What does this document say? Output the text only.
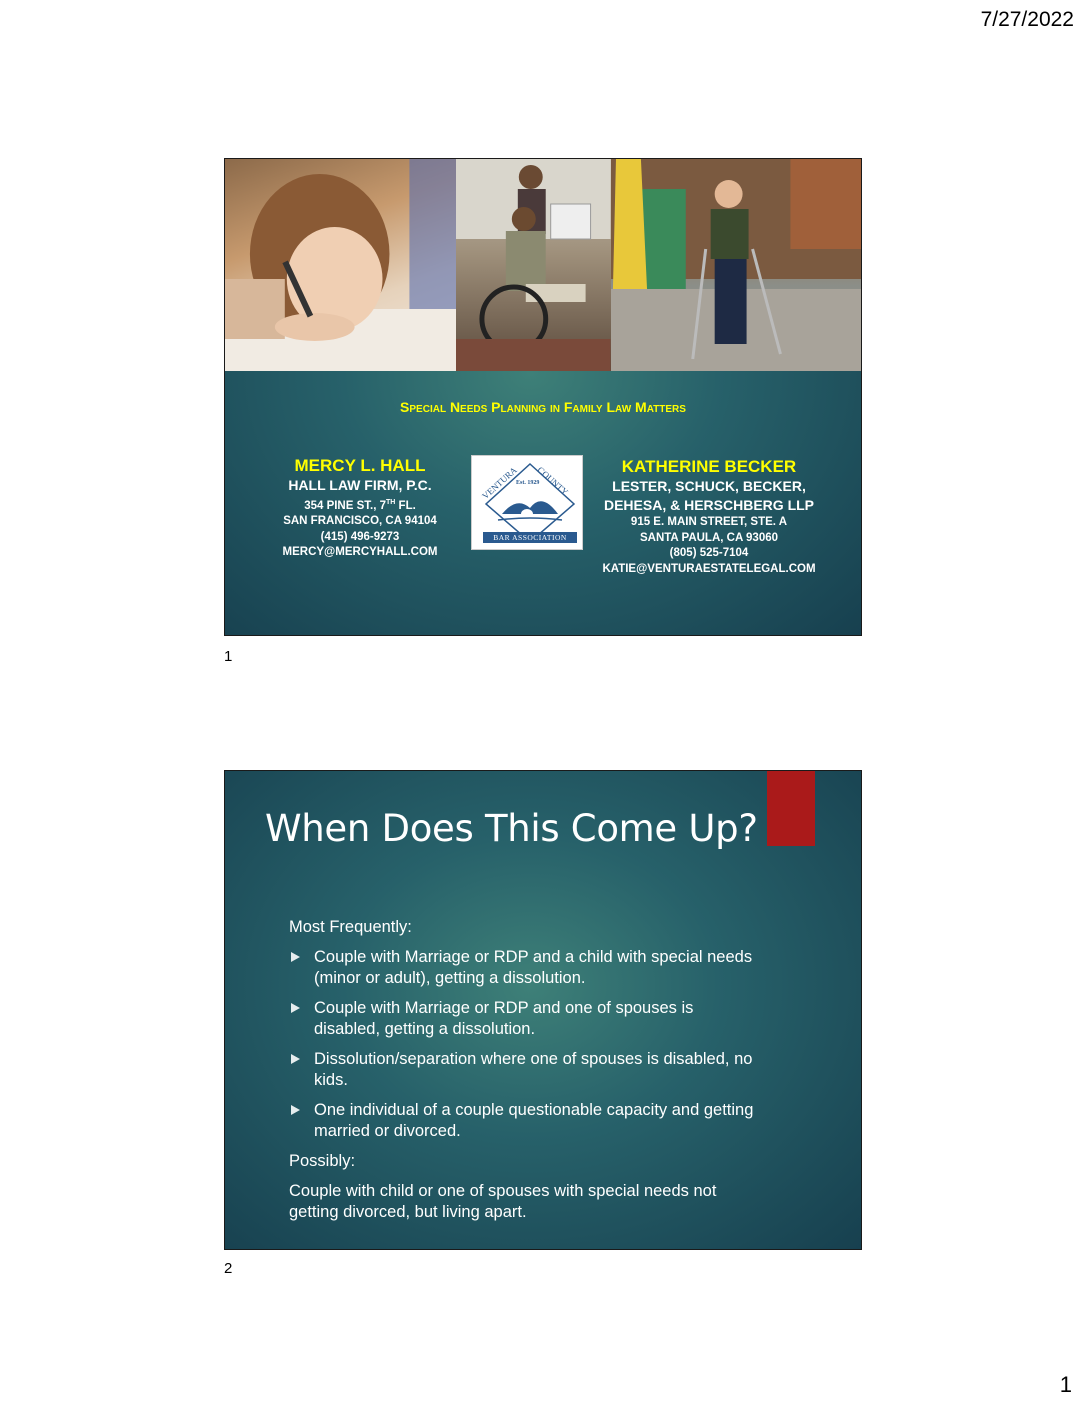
7/27/2022
Special Needs Planning in Family Law Matters
MERCY L. HALL
HALL LAW FIRM, P.C.
354 PINE ST., 7TH FL.
SAN FRANCISCO, CA 94104
(415) 496-9273
MERCY@MERCYHALL.COM
VENTURA COUNTY
Est. 1929
BAR ASSOCIATION
KATHERINE BECKER
LESTER, SCHUCK, BECKER,
DEHESA, & HERSCHBERG LLP
915 E. MAIN STREET, STE. A
SANTA PAULA, CA 93060
(805) 525-7104
KATIE@VENTURAESTATELEGAL.COM
1
When Does This Come Up?

Most Frequently:

Couple with Marriage or RDP and a child with special needs (minor or adult), getting a dissolution.
Couple with Marriage or RDP and one of spouses is disabled, getting a dissolution.
Dissolution/separation where one of spouses is disabled, no kids.
One individual of a couple questionable capacity and getting married or divorced.

Possibly:

Couple with child or one of spouses with special needs not getting divorced, but living apart.

2
1
